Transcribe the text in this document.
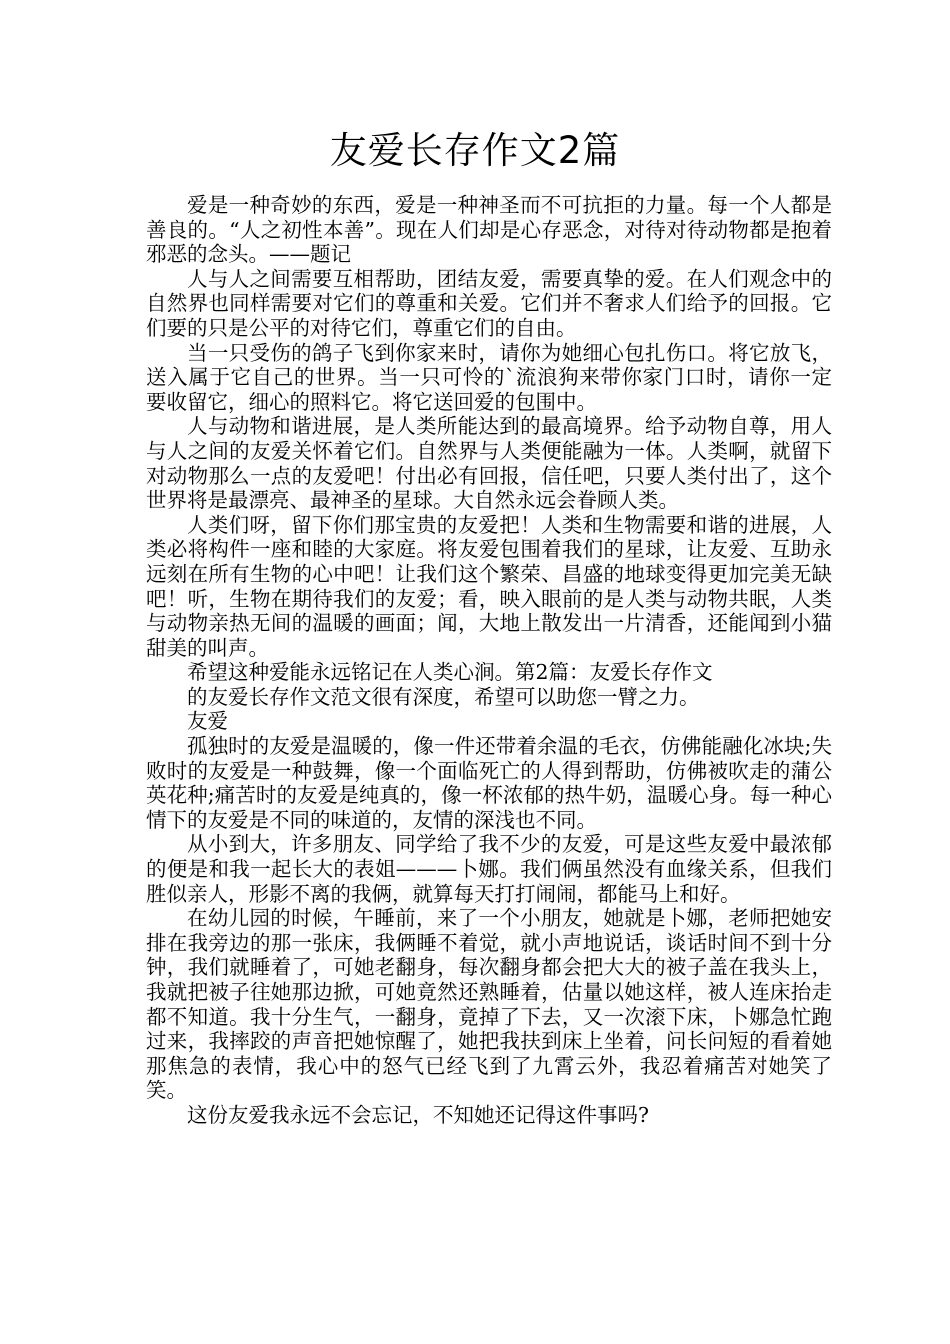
友爱长存作文2篇

爱是一种奇妙的东西，爱是一种神圣而不可抗拒的力量。每一个人都是善良的。“人之初性本善”。现在人们却是心存恶念，对待对待动物都是抱着邪恶的念头。——题记

人与人之间需要互相帮助，团结友爱，需要真挚的爱。在人们观念中的自然界也同样需要对它们的尊重和关爱。它们并不奢求人们给予的回报。它们要的只是公平的对待它们，尊重它们的自由。

当一只受伤的鸽子飞到你家来时，请你为她细心包扎伤口。将它放飞，送入属于它自己的世界。当一只可怜的`流浪狗来带你家门口时，请你一定要收留它，细心的照料它。将它送回爱的包围中。

人与动物和谐进展，是人类所能达到的最高境界。给予动物自尊，用人与人之间的友爱关怀着它们。自然界与人类便能融为一体。人类啊，就留下对动物那么一点的友爱吧！付出必有回报，信任吧，只要人类付出了，这个世界将是最漂亮、最神圣的星球。大自然永远会眷顾人类。

人类们呀，留下你们那宝贵的友爱把！人类和生物需要和谐的进展，人类必将构件一座和睦的大家庭。将友爱包围着我们的星球，让友爱、互助永远刻在所有生物的心中吧！让我们这个繁荣、昌盛的地球变得更加完美无缺吧！听，生物在期待我们的友爱；看，映入眼前的是人类与动物共眠，人类与动物亲热无间的温暖的画面；闻，大地上散发出一片清香，还能闻到小猫甜美的叫声。

希望这种爱能永远铭记在人类心涧。第2篇：友爱长存作文

的友爱长存作文范文很有深度，希望可以助您一臂之力。

友爱

孤独时的友爱是温暖的，像一件还带着余温的毛衣，仿佛能融化冰块;失败时的友爱是一种鼓舞，像一个面临死亡的人得到帮助，仿佛被吹走的蒲公英花种;痛苦时的友爱是纯真的，像一杯浓郁的热牛奶，温暖心身。每一种心情下的友爱是不同的味道的，友情的深浅也不同。

从小到大，许多朋友、同学给了我不少的友爱，可是这些友爱中最浓郁的便是和我一起长大的表姐———卜娜。我们俩虽然没有血缘关系，但我们胜似亲人，形影不离的我俩，就算每天打打闹闹，都能马上和好。

在幼儿园的时候，午睡前，来了一个小朋友，她就是卜娜，老师把她安排在我旁边的那一张床，我俩睡不着觉，就小声地说话，谈话时间不到十分钟，我们就睡着了，可她老翻身，每次翻身都会把大大的被子盖在我头上，我就把被子往她那边掀，可她竟然还熟睡着，估量以她这样，被人连床抬走都不知道。我十分生气，一翻身，竟掉了下去，又一次滚下床，卜娜急忙跑过来，我摔跤的声音把她惊醒了，她把我扶到床上坐着，问长问短的看着她那焦急的表情，我心中的怒气已经飞到了九霄云外，我忍着痛苦对她笑了笑。

这份友爱我永远不会忘记，不知她还记得这件事吗?
